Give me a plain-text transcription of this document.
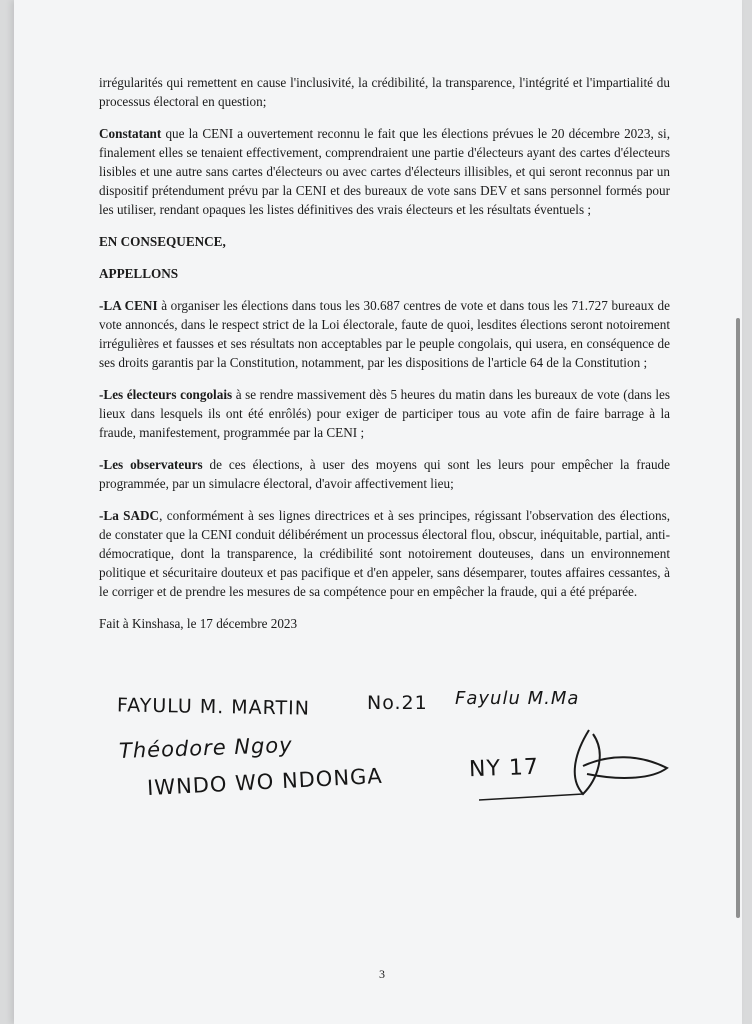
irrégularités qui remettent en cause l'inclusivité, la crédibilité, la transparence, l'intégrité et l'impartialité du processus électoral en question;

Constatant que la CENI a ouvertement reconnu le fait que les élections prévues le 20 décembre 2023, si, finalement elles se tenaient effectivement, comprendraient une partie d'électeurs ayant des cartes d'électeurs lisibles et une autre sans cartes d'électeurs ou avec cartes d'électeurs illisibles, et qui seront reconnus par un dispositif prétendument prévu par la CENI et des bureaux de vote sans DEV et sans personnel formés pour les utiliser, rendant opaques les listes définitives des vrais électeurs et les résultats éventuels ;

EN CONSEQUENCE,

APPELLONS

-LA CENI à organiser les élections dans tous les 30.687 centres de vote et dans tous les 71.727 bureaux de vote annoncés, dans le respect strict de la Loi électorale, faute de quoi, lesdites élections seront notoirement irrégulières et fausses et ses résultats non acceptables par le peuple congolais, qui usera, en conséquence de ses droits garantis par la Constitution, notamment, par les dispositions de l'article 64 de la Constitution ;

-Les électeurs congolais à se rendre massivement dès 5 heures du matin dans les bureaux de vote (dans les lieux dans lesquels ils ont été enrôlés) pour exiger de participer tous au vote afin de faire barrage à la fraude, manifestement, programmée par la CENI ;

-Les observateurs de ces élections, à user des moyens qui sont les leurs pour empêcher la fraude programmée, par un simulacre électoral, d'avoir affectivement lieu;

-La SADC, conformément à ses lignes directrices et à ses principes, régissant l'observation des élections, de constater que la CENI conduit délibérément un processus électoral flou, obscur, inéquitable, partial, anti-démocratique, dont la transparence, la crédibilité sont notoirement douteuses, dans un environnement politique et sécuritaire douteux et pas pacifique et d'en appeler, sans désemparer, toutes affaires cessantes, à le corriger et de prendre les mesures de sa compétence pour en empêcher la fraude, qui a été préparée.

Fait à Kinshasa, le 17 décembre 2023

FAYULU M. MARTIN	No.21 Fayulu M.Ma
Théodore Ngoy
IWNDO WO NDONGA	NY 17
3
